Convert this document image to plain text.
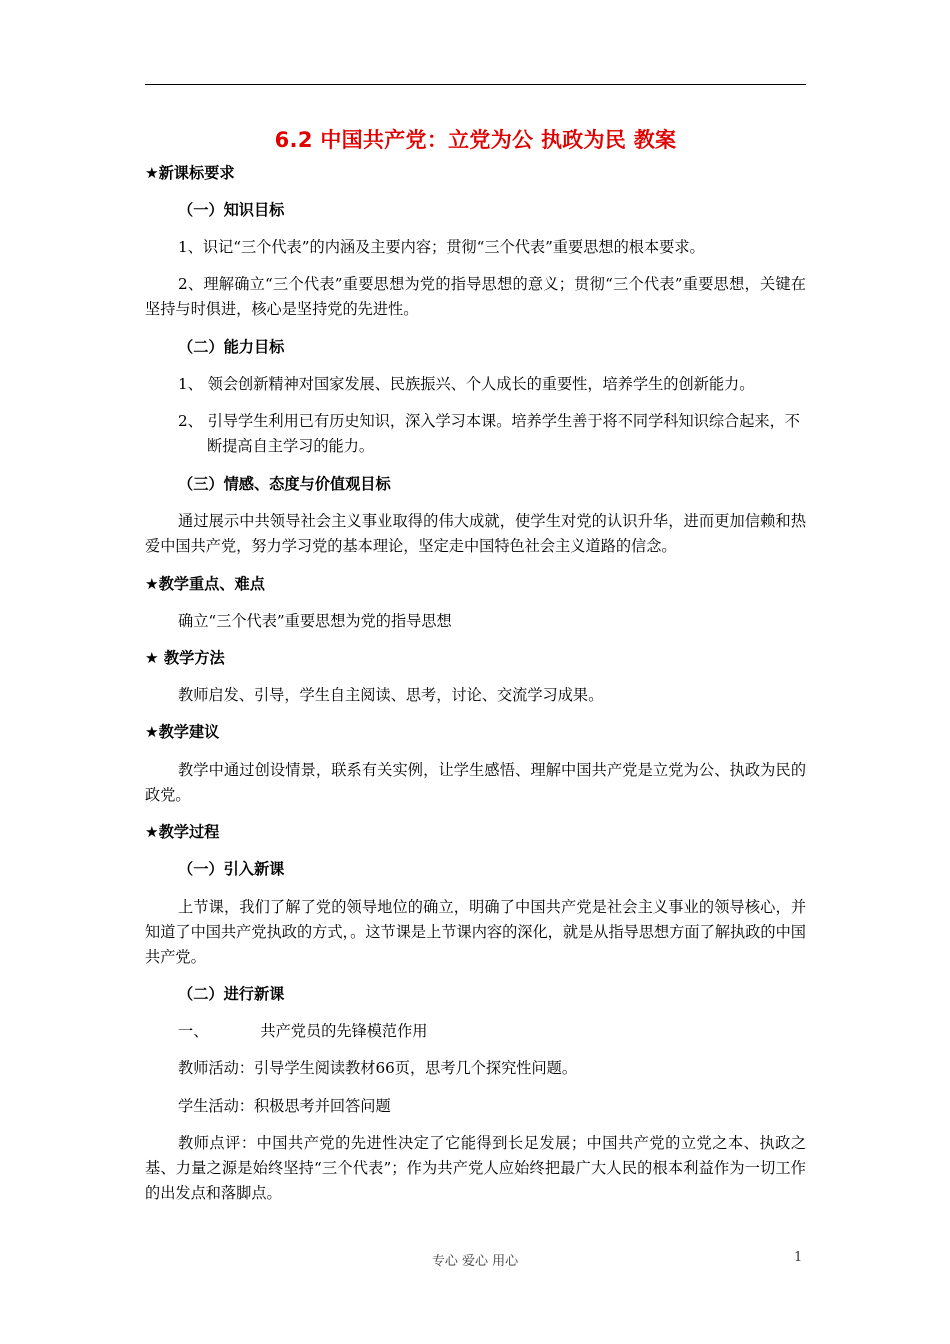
6.2 中国共产党：立党为公 执政为民 教案
★新课标要求
（一）知识目标
1、识记“三个代表”的内涵及主要内容；贯彻“三个代表”重要思想的根本要求。
2、理解确立“三个代表”重要思想为党的指导思想的意义；贯彻“三个代表”重要思想，关键在坚持与时俱进，核心是坚持党的先进性。
（二）能力目标
1、 领会创新精神对国家发展、民族振兴、个人成长的重要性，培养学生的创新能力。
2、 引导学生利用已有历史知识，深入学习本课。培养学生善于将不同学科知识综合起来，不断提高自主学习的能力。
（三）情感、态度与价值观目标
通过展示中共领导社会主义事业取得的伟大成就，使学生对党的认识升华，进而更加信赖和热爱中国共产党，努力学习党的基本理论，坚定走中国特色社会主义道路的信念。
★教学重点、难点
确立“三个代表”重要思想为党的指导思想
★ 教学方法
教师启发、引导，学生自主阅读、思考，讨论、交流学习成果。
★教学建议
教学中通过创设情景，联系有关实例，让学生感悟、理解中国共产党是立党为公、执政为民的政党。
★教学过程
（一）引入新课
上节课，我们了解了党的领导地位的确立，明确了中国共产党是社会主义事业的领导核心，并知道了中国共产党执政的方式，。这节课是上节课内容的深化，就是从指导思想方面了解执政的中国共产党。
（二）进行新课
一、	共产党员的先锋模范作用
教师活动：引导学生阅读教材66页，思考几个探究性问题。
学生活动：积极思考并回答问题
教师点评：中国共产党的先进性决定了它能得到长足发展；中国共产党的立党之本、执政之基、力量之源是始终坚持“三个代表”；作为共产党人应始终把最广大人民的根本利益作为一切工作的出发点和落脚点。
专心 爱心 用心	1
